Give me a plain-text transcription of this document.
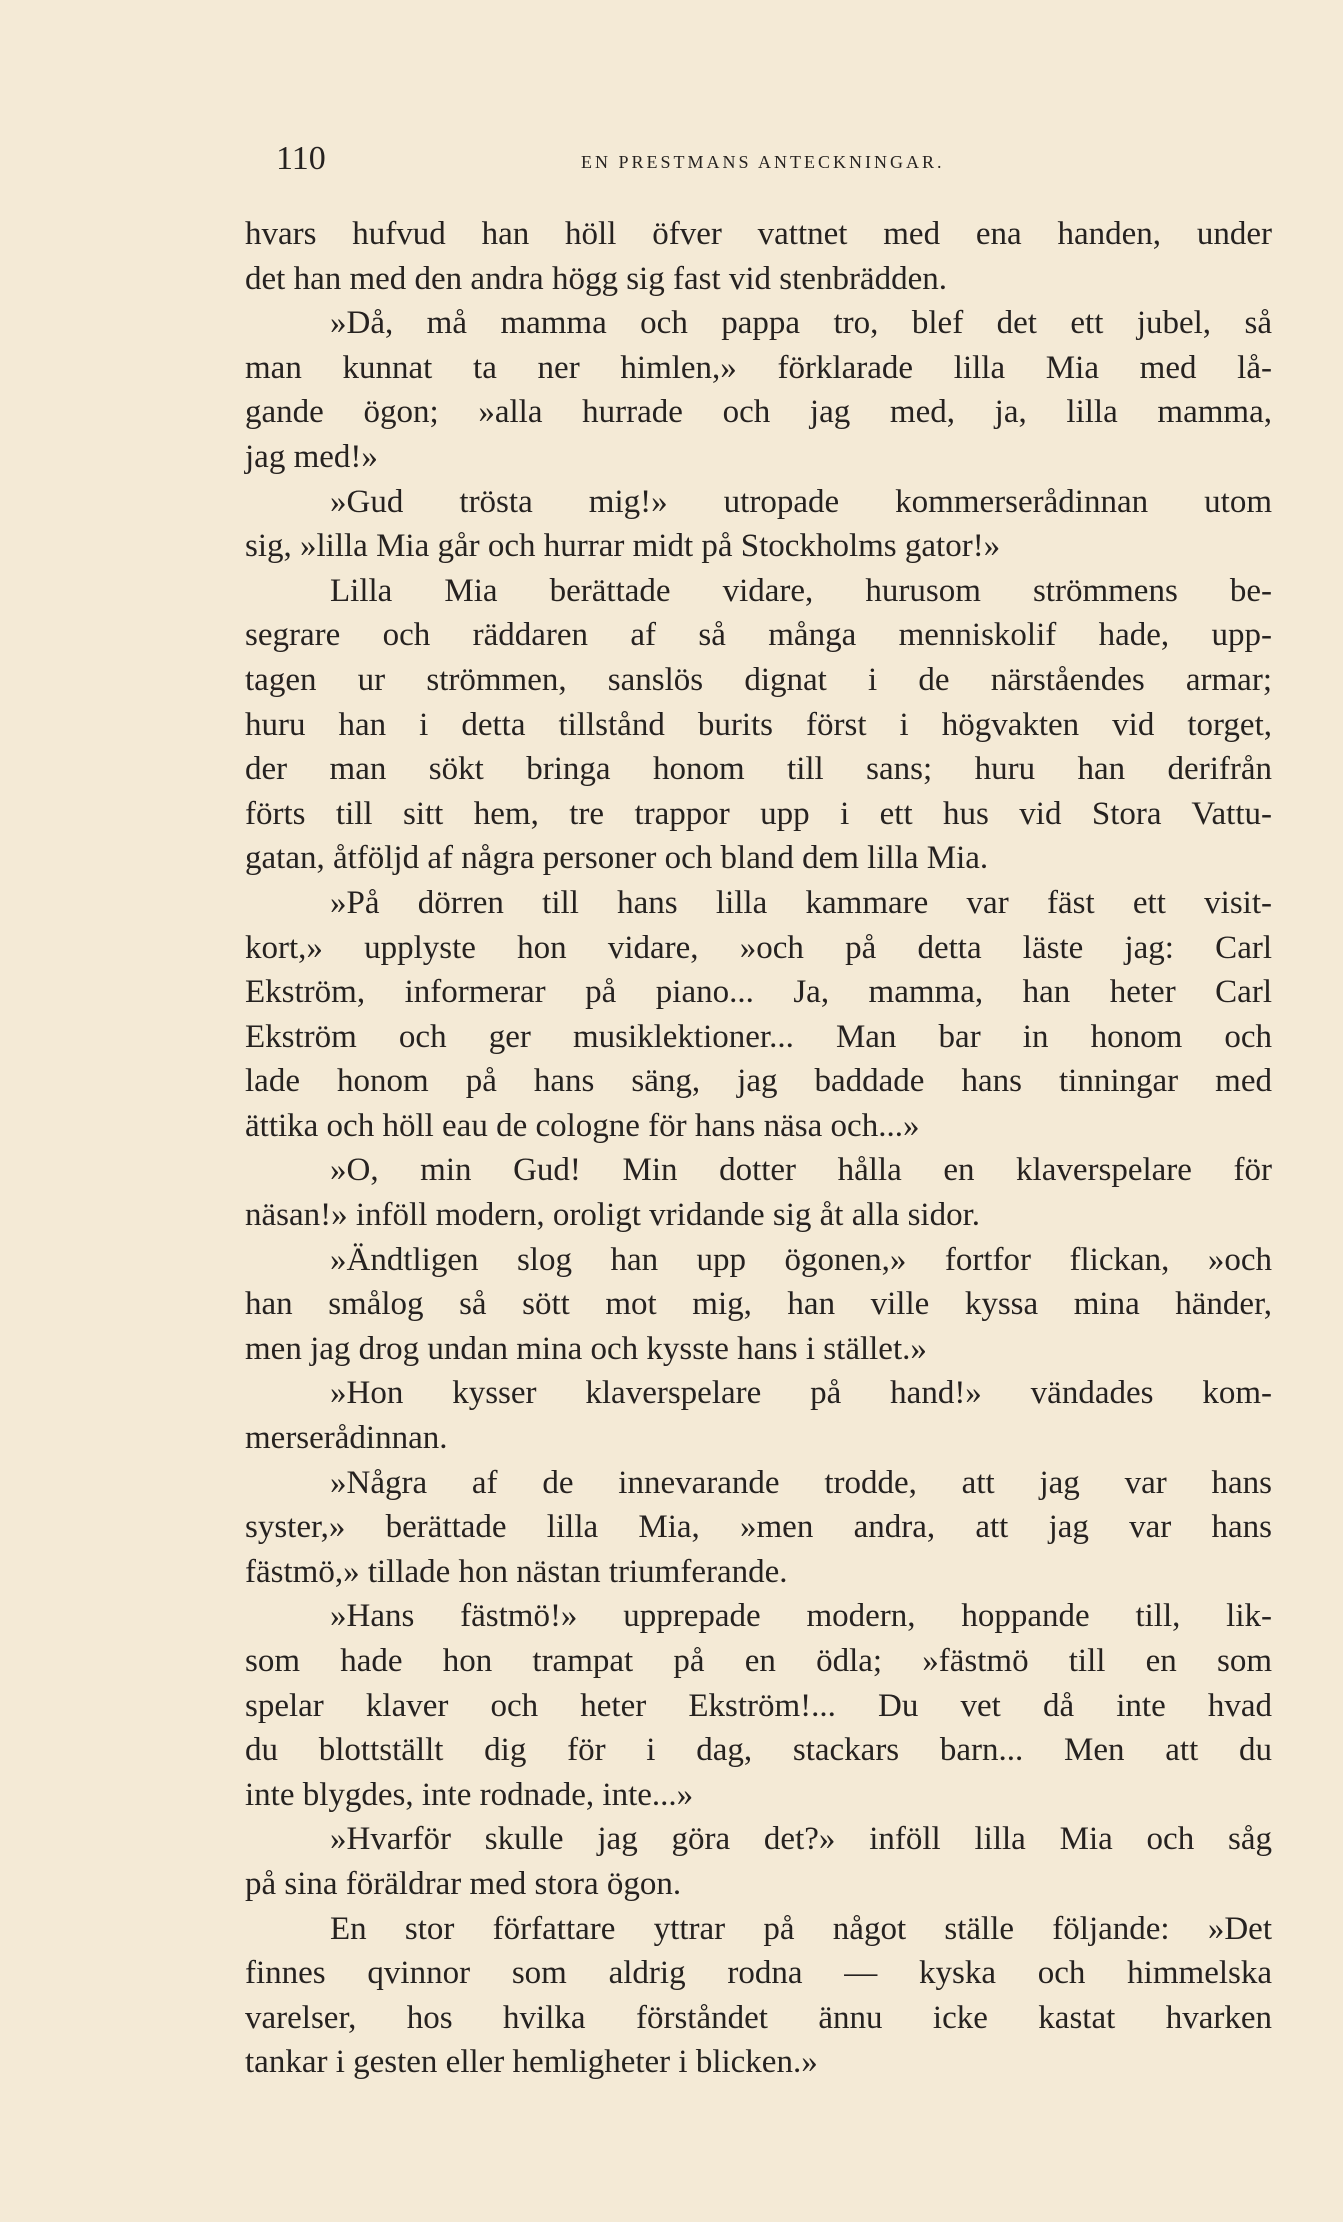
110	EN PRESTMANS ANTECKNINGAR.
hvars hufvud han höll öfver vattnet med ena handen, under
det han med den andra högg sig fast vid stenbrädden.
»Då, må mamma och pappa tro, blef det ett jubel, så
man kunnat ta ner himlen,» förklarade lilla Mia med lå-
gande ögon; »alla hurrade och jag med, ja, lilla mamma,
jag med!»
»Gud trösta mig!» utropade kommerserådinnan utom
sig, »lilla Mia går och hurrar midt på Stockholms gator!»
Lilla Mia berättade vidare, hurusom strömmens be-
segrare och räddaren af så många menniskolif hade, upp-
tagen ur strömmen, sanslös dignat i de närståendes armar;
huru han i detta tillstånd burits först i högvakten vid torget,
der man sökt bringa honom till sans; huru han derifrån
förts till sitt hem, tre trappor upp i ett hus vid Stora Vattu-
gatan, åtföljd af några personer och bland dem lilla Mia.
»På dörren till hans lilla kammare var fäst ett visit-
kort,» upplyste hon vidare, »och på detta läste jag: Carl
Ekström, informerar på piano... Ja, mamma, han heter Carl
Ekström och ger musiklektioner... Man bar in honom och
lade honom på hans säng, jag baddade hans tinningar med
ättika och höll eau de cologne för hans näsa och...»
»O, min Gud! Min dotter hålla en klaverspelare för
näsan!» inföll modern, oroligt vridande sig åt alla sidor.
»Ändtligen slog han upp ögonen,» fortfor flickan, »och
han smålog så sött mot mig, han ville kyssa mina händer,
men jag drog undan mina och kysste hans i stället.»
»Hon kysser klaverspelare på hand!» vändades kom-
merserådinnan.
»Några af de innevarande trodde, att jag var hans
syster,» berättade lilla Mia, »men andra, att jag var hans
fästmö,» tillade hon nästan triumferande.
»Hans fästmö!» upprepade modern, hoppande till, lik-
som hade hon trampat på en ödla; »fästmö till en som
spelar klaver och heter Ekström!... Du vet då inte hvad
du blottställt dig för i dag, stackars barn... Men att du
inte blygdes, inte rodnade, inte...»
»Hvarför skulle jag göra det?» inföll lilla Mia och såg
på sina föräldrar med stora ögon.
En stor författare yttrar på något ställe följande: »Det
finnes qvinnor som aldrig rodna — kyska och himmelska
varelser, hos hvilka förståndet ännu icke kastat hvarken
tankar i gesten eller hemligheter i blicken.»
